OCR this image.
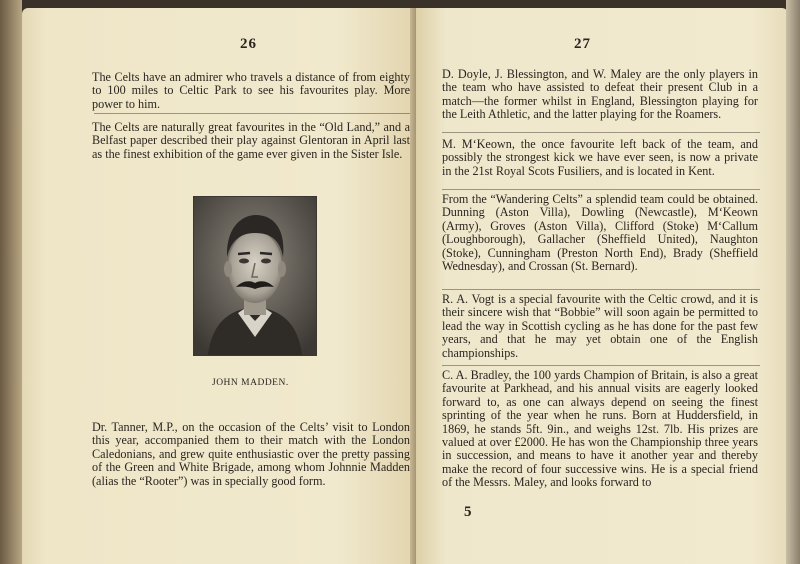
26

The Celts have an admirer who travels a distance of from eighty to 100 miles to Celtic Park to see his favourites play. More power to him.

The Celts are naturally great favourites in the “Old Land,” and a Belfast paper described their play against Glentoran in April last as the finest exhibition of the game ever given in the Sister Isle.

JOHN MADDEN.

Dr. Tanner, M.P., on the occasion of the Celts’ visit to London this year, accompanied them to their match with the London Caledonians, and grew quite enthusiastic over the pretty passing of the Green and White Brigade, among whom Johnnie Madden (alias the “Rooter”) was in specially good form.

27

D. Doyle, J. Blessington, and W. Maley are the only players in the team who have assisted to defeat their present Club in a match—the former whilst in England, Blessington playing for the Leith Athletic, and the latter playing for the Roamers.

M. M‘Keown, the once favourite left back of the team, and possibly the strongest kick we have ever seen, is now a private in the 21st Royal Scots Fusiliers, and is located in Kent.

From the “Wandering Celts” a splendid team could be obtained. Dunning (Aston Villa), Dowling (Newcastle), M‘Keown (Army), Groves (Aston Villa), Clifford (Stoke) M‘Callum (Loughborough), Gallacher (Sheffield United), Naughton (Stoke), Cunningham (Preston North End), Brady (Sheffield Wednesday), and Crossan (St. Bernard).

R. A. Vogt is a special favourite with the Celtic crowd, and it is their sincere wish that “Bobbie” will soon again be permitted to lead the way in Scottish cycling as he has done for the past few years, and that he may yet obtain one of the English championships.

C. A. Bradley, the 100 yards Champion of Britain, is also a great favourite at Parkhead, and his annual visits are eagerly looked forward to, as one can always depend on seeing the finest sprinting of the year when he runs. Born at Huddersfield, in 1869, he stands 5ft. 9in., and weighs 12st. 7lb. His prizes are valued at over £2000. He has won the Championship three years in succession, and means to have it another year and thereby make the record of four successive wins. He is a special friend of the Messrs. Maley, and looks forward to

5
